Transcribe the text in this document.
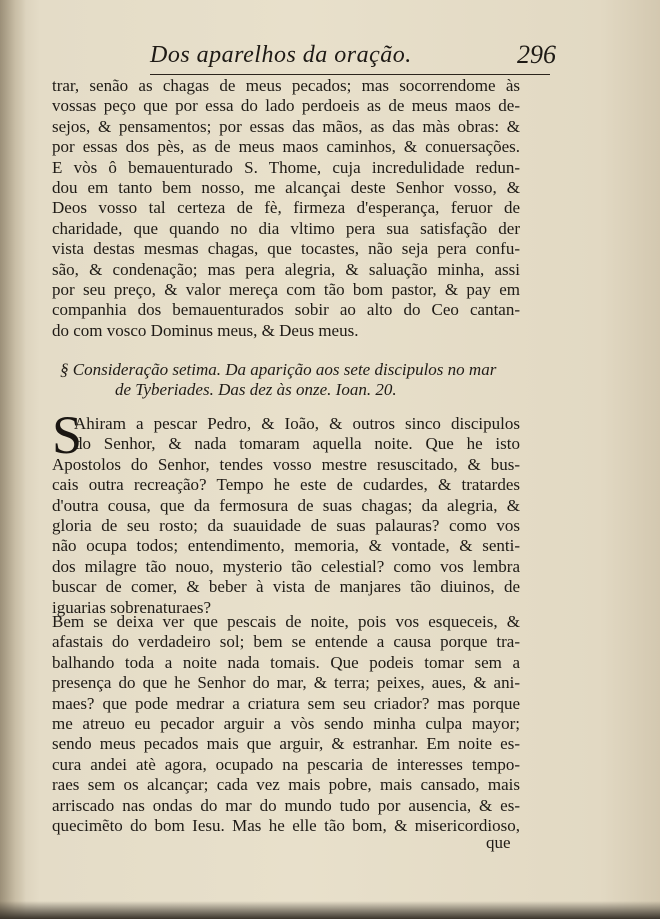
Dos aparelhos da oração.	296
trar, senão as chagas de meus pecados; mas socorrendome às
vossas peço que por essa do lado perdoeis as de meus maos de-
sejos, & pensamentos; por essas das mãos, as das màs obras: &
por essas dos pès, as de meus maos caminhos, & conuersações.
E vòs ô bemauenturado S. Thome, cuja incredulidade redun-
dou em tanto bem nosso, me alcançai deste Senhor vosso, &
Deos vosso tal certeza de fè, firmeza d'esperança, feruor de
charidade, que quando no dia vltimo pera sua satisfação der
vista destas mesmas chagas, que tocastes, não seja pera confu-
são, & condenação; mas pera alegria, & saluação minha, assi
por seu preço, & valor mereça com tão bom pastor, & pay em
companhia dos bemauenturados sobir ao alto do Ceo cantan-
do com vosco Dominus meus, & Deus meus.
§ Consideração setima. Da aparição aos sete discipulos no mar
de Tyberiades. Das dez às onze. Ioan. 20.
S
Ahiram a pescar Pedro, & Ioão, & outros sinco discipulos
do Senhor, & nada tomaram aquella noite. Que he isto
Apostolos do Senhor, tendes vosso mestre resuscitado, & bus-
cais outra recreação? Tempo he este de cudardes, & tratardes
d'outra cousa, que da fermosura de suas chagas; da alegria, &
gloria de seu rosto; da suauidade de suas palauras? como vos
não ocupa todos; entendimento, memoria, & vontade, & senti-
dos milagre tão nouo, mysterio tão celestial? como vos lembra
buscar de comer, & beber à vista de manjares tão diuinos, de
iguarias sobrenaturaes?
Bem se deixa ver que pescais de noite, pois vos esqueceis, &
afastais do verdadeiro sol; bem se entende a causa porque tra-
balhando toda a noite nada tomais. Que podeis tomar sem a
presença do que he Senhor do mar, & terra; peixes, aues, & ani-
maes? que pode medrar a criatura sem seu criador? mas porque
me atreuo eu pecador arguir a vòs sendo minha culpa mayor;
sendo meus pecados mais que arguir, & estranhar. Em noite es-
cura andei atè agora, ocupado na pescaria de interesses tempo-
raes sem os alcançar; cada vez mais pobre, mais cansado, mais
arriscado nas ondas do mar do mundo tudo por ausencia, & es-
quecimẽto do bom Iesu. Mas he elle tão bom, & misericordioso,
que
